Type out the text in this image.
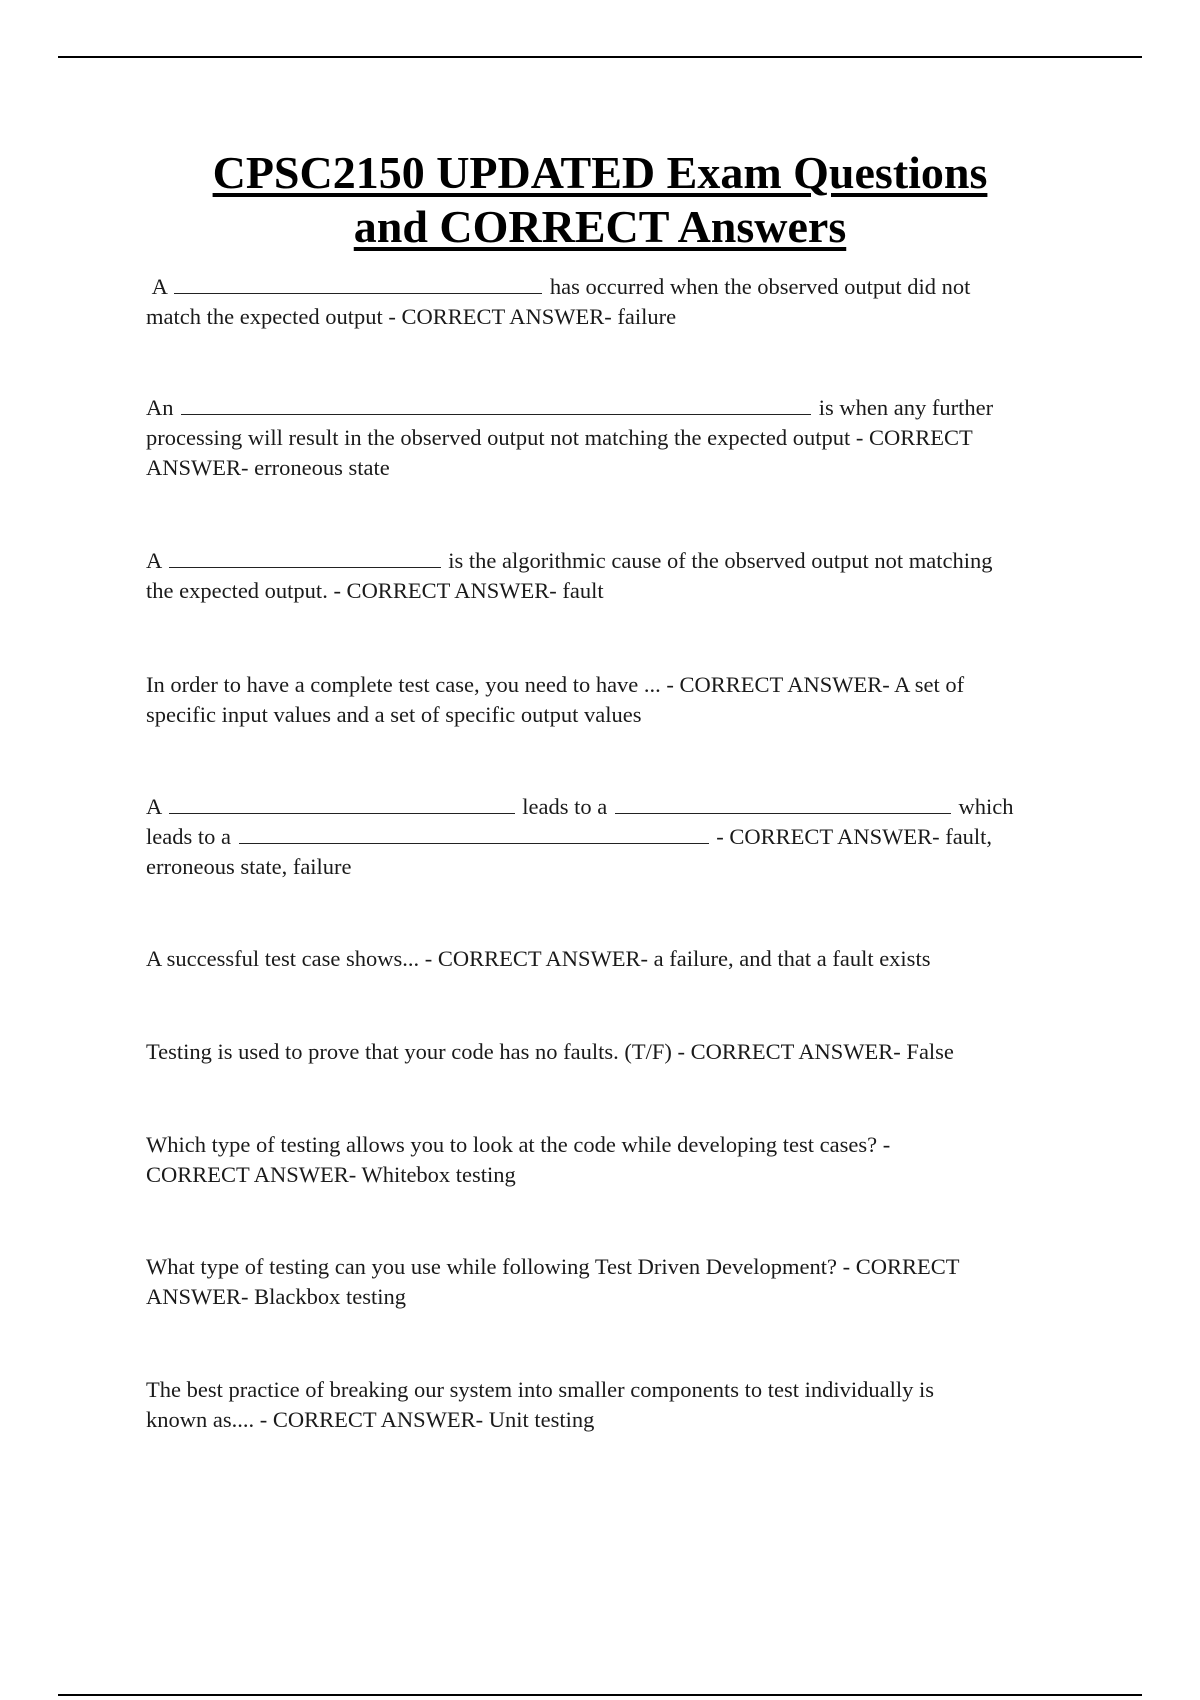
CPSC2150 UPDATED Exam Questions
and CORRECT Answers
A	has occurred when the observed output did not
match the expected output - CORRECT ANSWER- failure
An	is when any further
processing will result in the observed output not matching the expected output - CORRECT
ANSWER- erroneous state
A	is the algorithmic cause of the observed output not matching
the expected output. - CORRECT ANSWER- fault
In order to have a complete test case, you need to have ... - CORRECT ANSWER- A set of
specific input values and a set of specific output values
A	leads to a	which
leads to a	- CORRECT ANSWER- fault,
erroneous state, failure
A successful test case shows... - CORRECT ANSWER- a failure, and that a fault exists
Testing is used to prove that your code has no faults. (T/F) - CORRECT ANSWER- False
Which type of testing allows you to look at the code while developing test cases? -
CORRECT ANSWER- Whitebox testing
What type of testing can you use while following Test Driven Development? - CORRECT
ANSWER- Blackbox testing
The best practice of breaking our system into smaller components to test individually is
known as.... - CORRECT ANSWER- Unit testing
